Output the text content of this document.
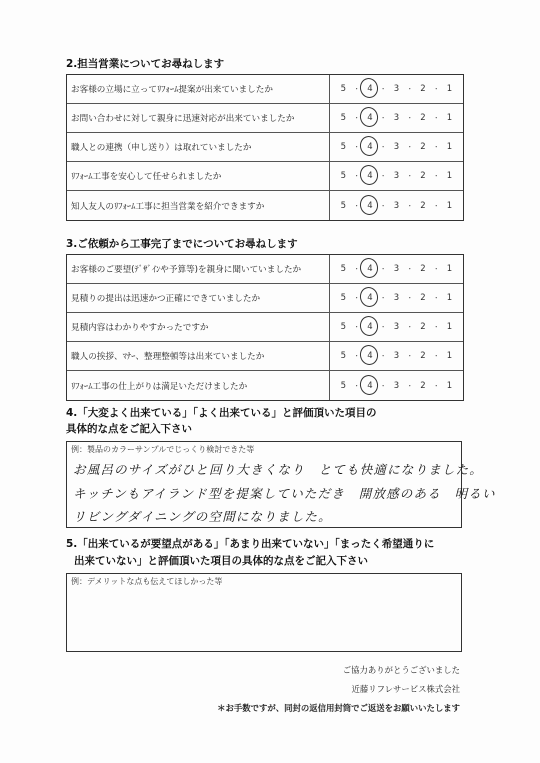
2.担当営業についてお尋ねします
お客様の立場に立ってﾘﾌｫｰﾑ提案が出来ていましたか	5	・ 4	・ 3	・ 2	・ 1
お問い合わせに対して親身に迅速対応が出来ていましたか	5	・ 4	・ 3	・ 2	・ 1
職人との連携（申し送り）は取れていましたか	5	・ 4	・ 3	・ 2	・ 1
ﾘﾌｫｰﾑ工事を安心して任せられましたか	5	・ 4	・ 3	・ 2	・ 1
知人友人のﾘﾌｫｰﾑ工事に担当営業を紹介できますか	5	・ 4	・ 3	・ 2	・ 1
3.ご依頼から工事完了までについてお尋ねします
お客様のご要望(ﾃﾞｻﾞｲﾝや予算等)を親身に聞いていましたか	5	・ 4	・ 3	・ 2	・ 1
見積りの提出は迅速かつ正確にできていましたか	5	・ 4	・ 3	・ 2	・ 1
見積内容はわかりやすかったですか	5	・ 4	・ 3	・ 2	・ 1
職人の挨拶、ﾏﾅｰ、整理整頓等は出来ていましたか	5	・ 4	・ 3	・ 2	・ 1
ﾘﾌｫｰﾑ工事の仕上がりは満足いただけましたか	5	・ 4	・ 3	・ 2	・ 1
4.「大変よく出来ている」「よく出来ている」と評価頂いた項目の
具体的な点をご記入下さい
例：製品のカラーサンプルでじっくり検討できた等
お風呂のサイズがひと回り大きくなり　とても快適になりました。
キッチンもアイランド型を提案していただき　開放感のある　明るい
リビングダイニングの空間になりました。
5.「出来ているが要望点がある」「あまり出来ていない」「まったく希望通りに
出来ていない」と評価頂いた項目の具体的な点をご記入下さい
例：デメリットな点も伝えてほしかった等
ご協力ありがとうございました
近藤リフレサービス株式会社
＊お手数ですが、同封の返信用封筒でご返送をお願いいたします
